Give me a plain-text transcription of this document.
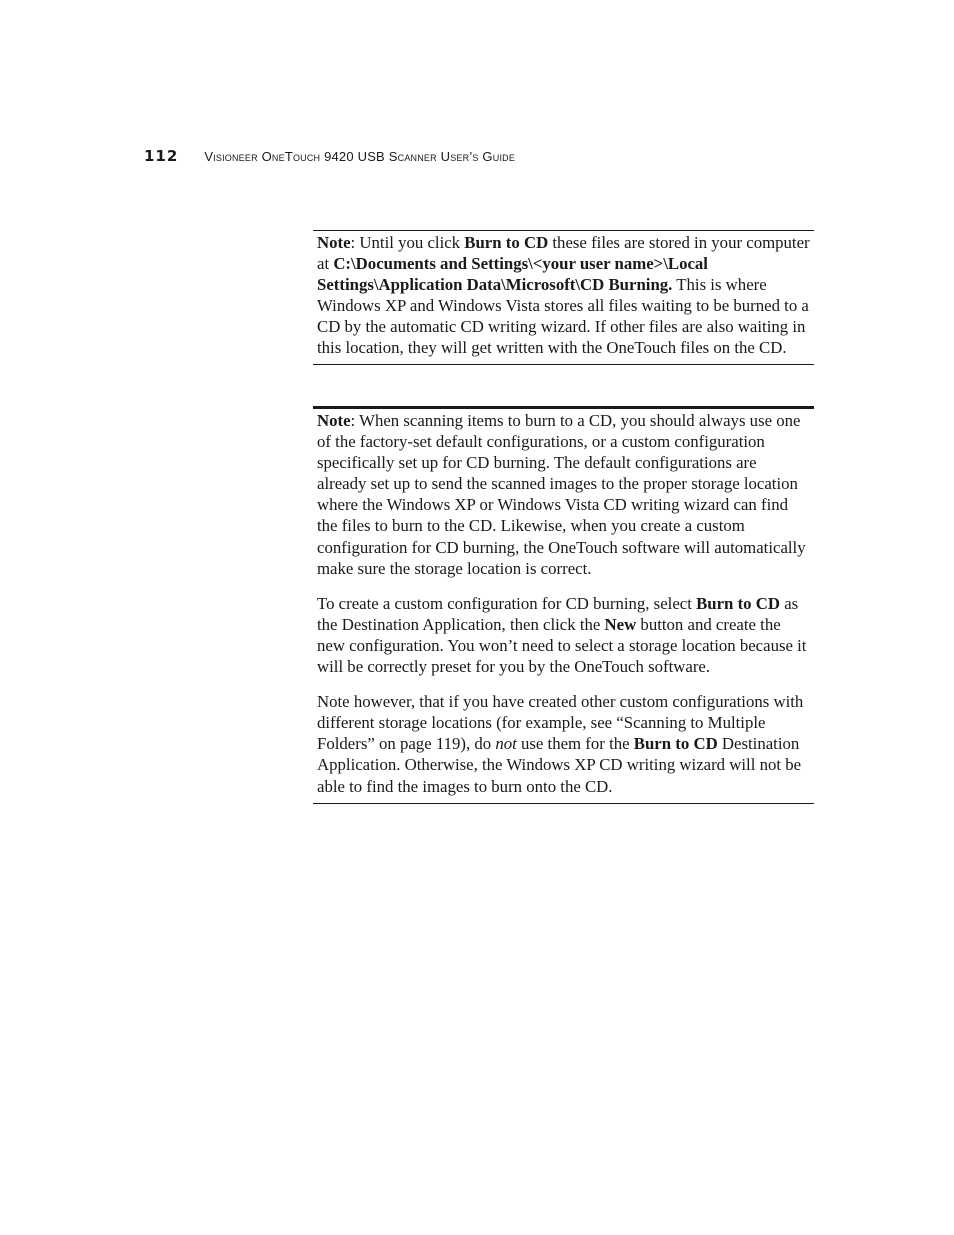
112 Visioneer OneTouch 9420 USB Scanner User’s Guide

Note: Until you click Burn to CD these files are stored in your computer at C:\Documents and Settings\<your user name>\Local Settings\Application Data\Microsoft\CD Burning. This is where Windows XP and Windows Vista stores all files waiting to be burned to a CD by the automatic CD writing wizard. If other files are also waiting in this location, they will get written with the OneTouch files on the CD.

Note: When scanning items to burn to a CD, you should always use one of the factory-set default configurations, or a custom configuration specifically set up for CD burning. The default configurations are already set up to send the scanned images to the proper storage location where the Windows XP or Windows Vista CD writing wizard can find the files to burn to the CD. Likewise, when you create a custom configuration for CD burning, the OneTouch software will automatically make sure the storage location is correct.

To create a custom configuration for CD burning, select Burn to CD as the Destination Application, then click the New button and create the new configuration. You won’t need to select a storage location because it will be correctly preset for you by the OneTouch software.

Note however, that if you have created other custom configurations with different storage locations (for example, see “Scanning to Multiple Folders” on page 119), do not use them for the Burn to CD Destination Application. Otherwise, the Windows XP CD writing wizard will not be able to find the images to burn onto the CD.
